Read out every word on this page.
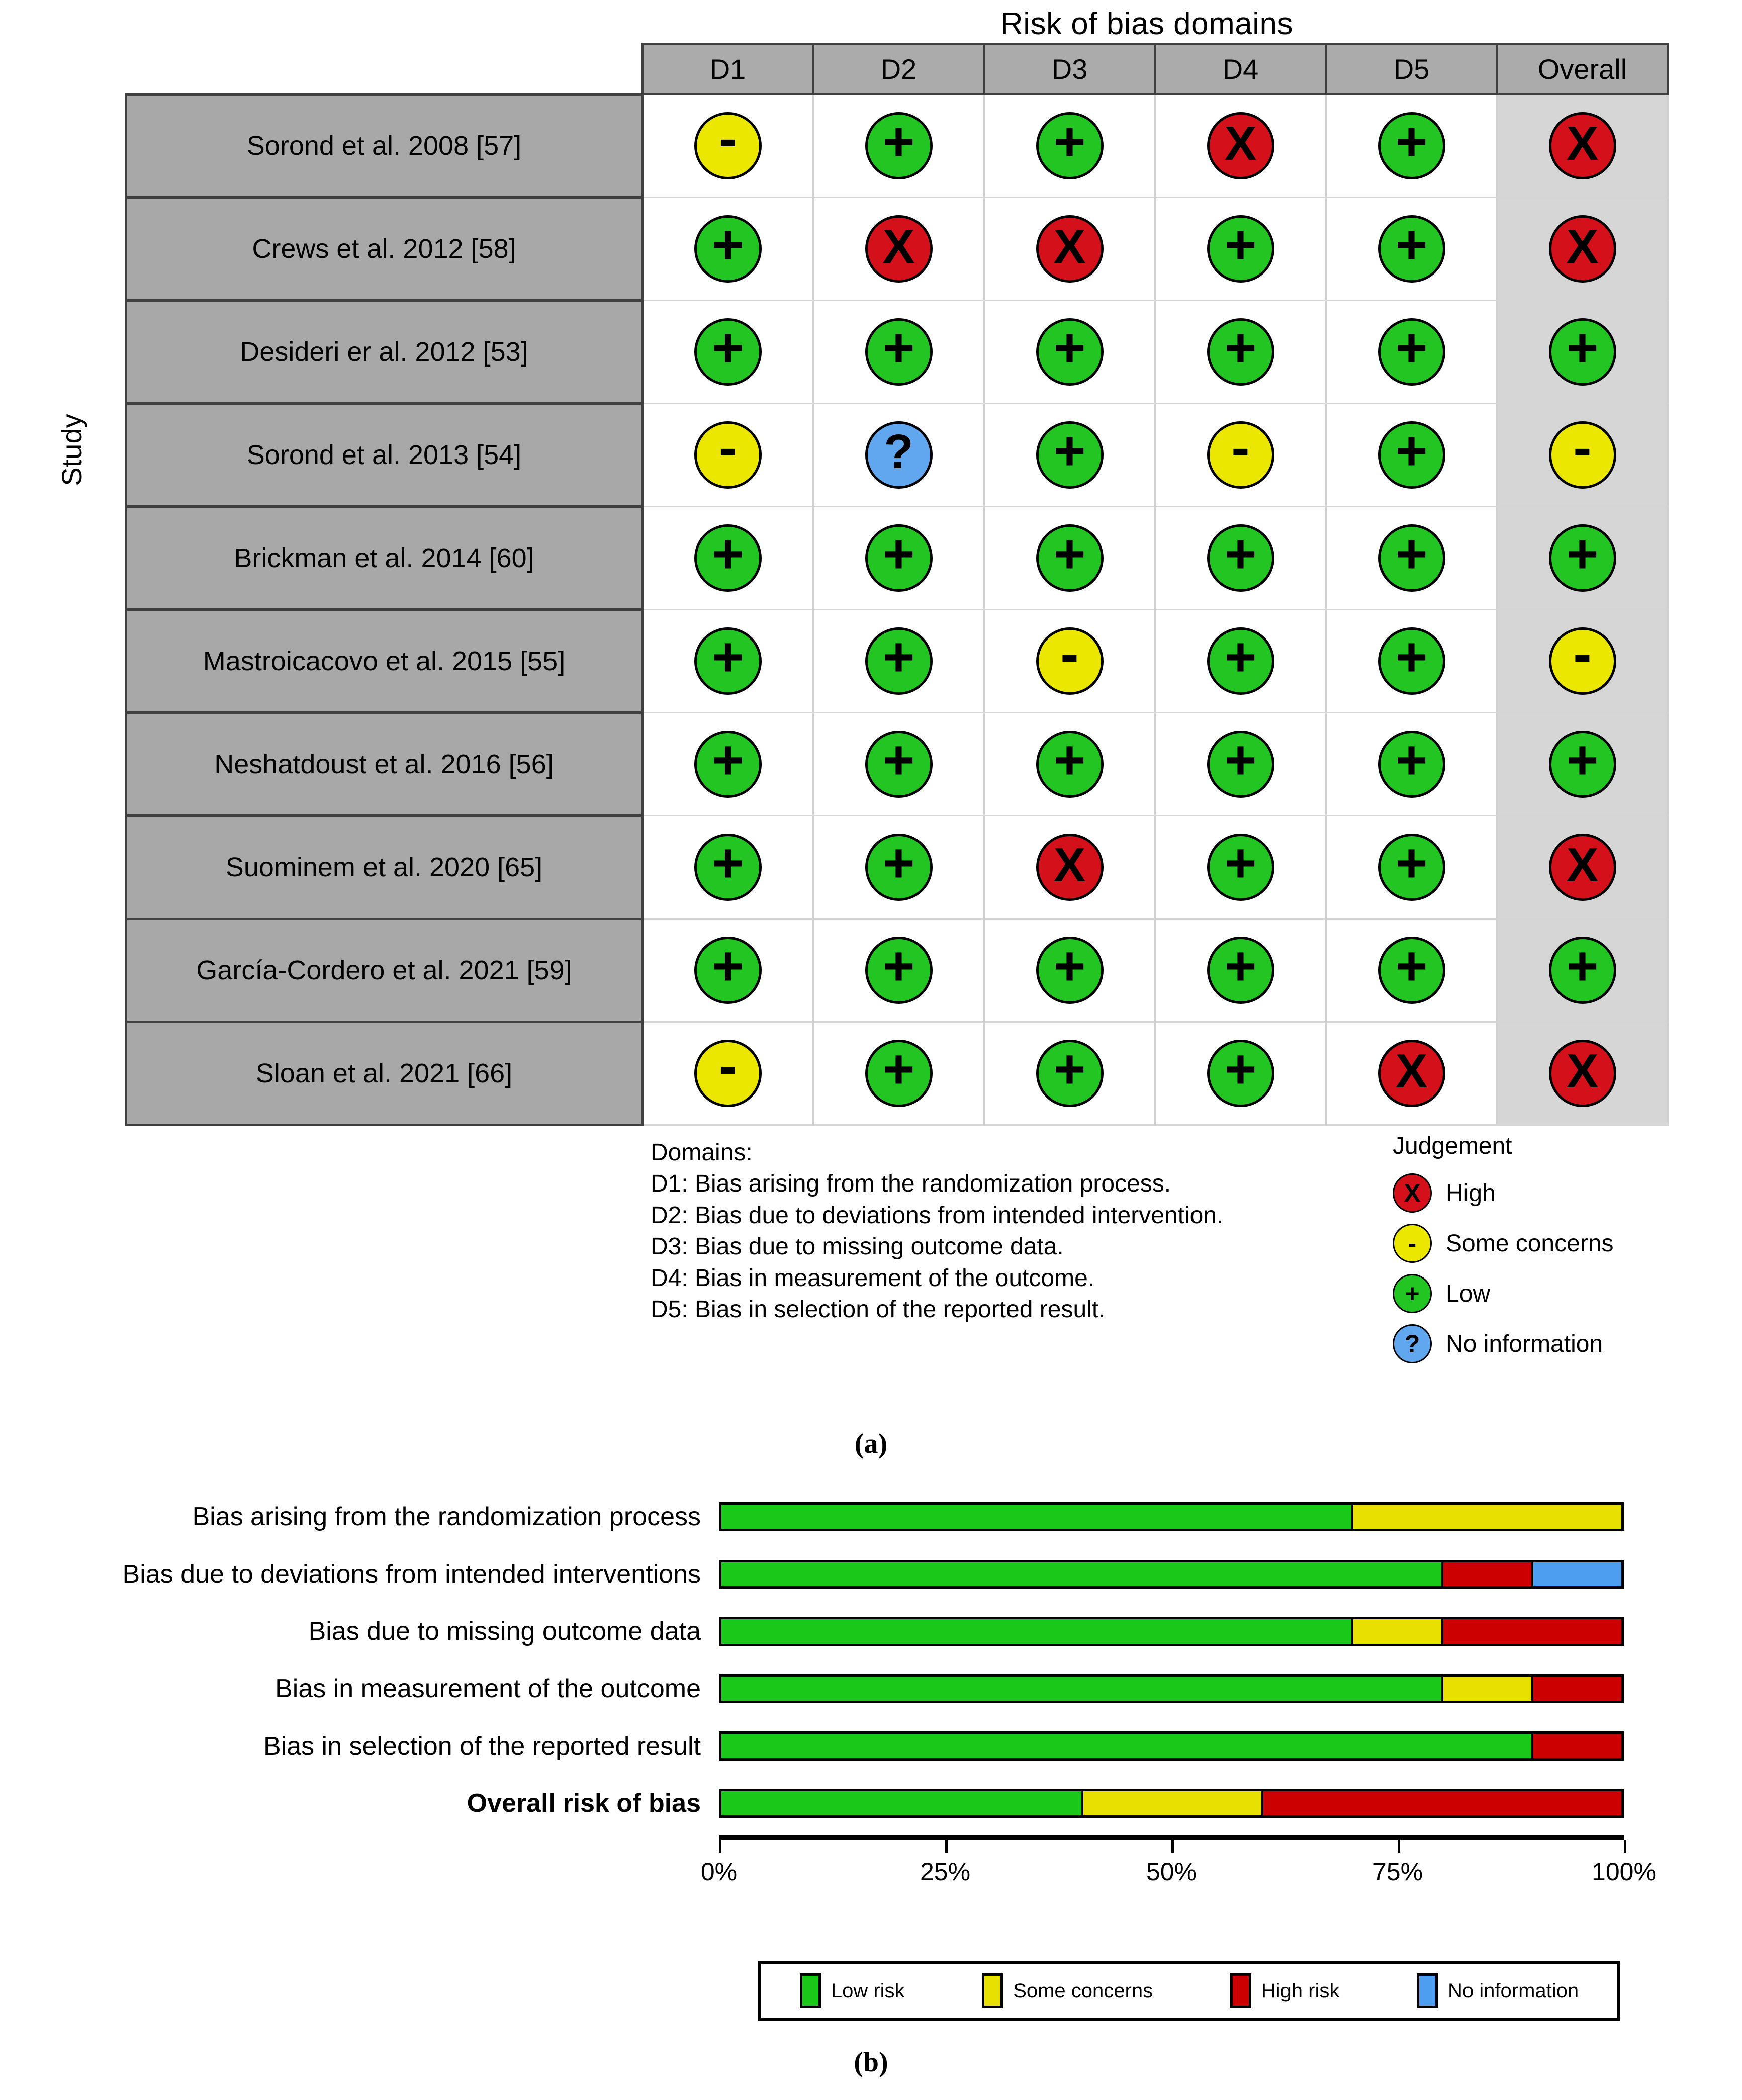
Risk of bias domains
Study
	D1	D2	D3	D4	D5	Overall
Sorond et al. 2008 [57]	-	+	+	X	+	X

Crews et al. 2012 [58]	+	X	X	+	+	X

Desideri er al. 2012 [53]	+	+	+	+	+	+

Sorond et al. 2013 [54]	-	?	+	-	+	-

Brickman et al. 2014 [60]	+	+	+	+	+	+

Mastroicacovo et al. 2015 [55]	+	+	-	+	+	-

Neshatdoust et al. 2016 [56]	+	+	+	+	+	+

Suominem et al. 2020 [65]	+	+	X	+	+	X

García-Cordero et al. 2021 [59]	+	+	+	+	+	+

Sloan et al. 2021 [66]	-	+	+	+	X	X
Domains:
D1: Bias arising from the randomization process.
D2: Bias due to deviations from intended intervention.
D3: Bias due to missing outcome data.
D4: Bias in measurement of the outcome.
D5: Bias in selection of the reported result.
Judgement
X	High
-	Some concerns
+	Low
?	No information
(a)
Bias arising from the randomization process
Bias due to deviations from intended interventions
Bias due to missing outcome data
Bias in measurement of the outcome
Bias in selection of the reported result
Overall risk of bias
0%	25%	50%	75%	100%
Low risk	Some concerns	High risk	No information
(b)
